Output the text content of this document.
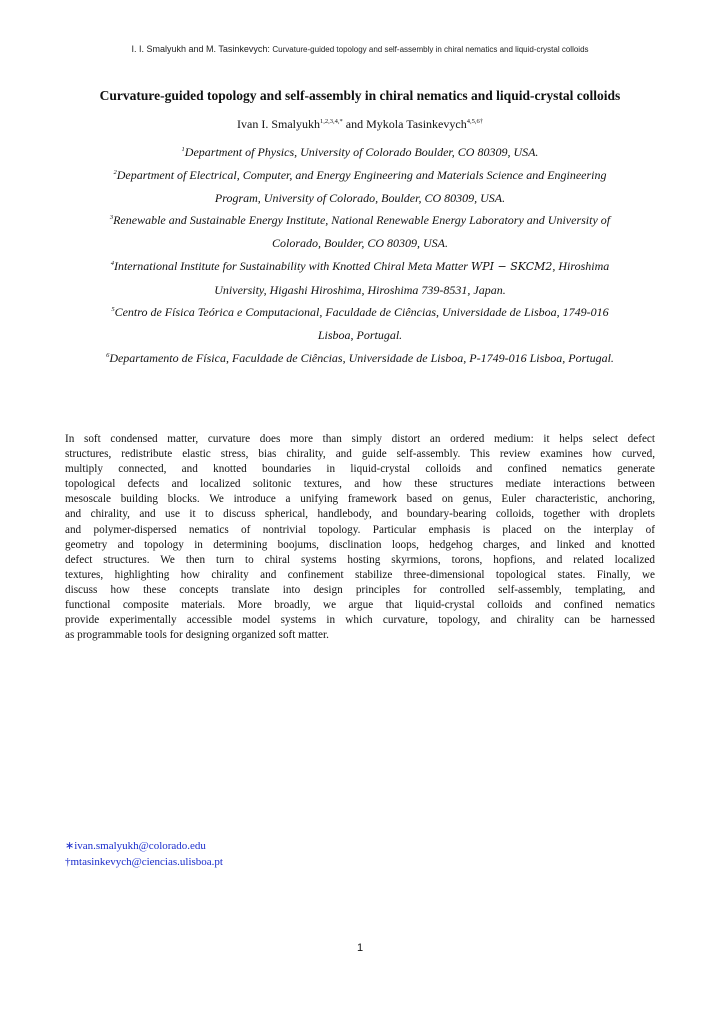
I. I. Smalyukh and M. Tasinkevych: Curvature-guided topology and self-assembly in chiral nematics and liquid-crystal colloids
Curvature-guided topology and self-assembly in chiral nematics and liquid-crystal colloids
Ivan I. Smalyukh$^{1,2,3,4,*}$ and Mykola Tasinkevych$^{4,5,6\dagger}$
$^1$Department of Physics, University of Colorado Boulder, CO 80309, USA.
$^2$Department of Electrical, Computer, and Energy Engineering and Materials Science and Engineering
Program, University of Colorado, Boulder, CO 80309, USA.
$^3$Renewable and Sustainable Energy Institute, National Renewable Energy Laboratory and University of
Colorado, Boulder, CO 80309, USA.
$^4$International Institute for Sustainability with Knotted Chiral Meta Matter WPI − SKCM2, Hiroshima
University, Higashi Hiroshima, Hiroshima 739-8531, Japan.
$^5$Centro de Física Teórica e Computacional, Faculdade de Ciências, Universidade de Lisboa, 1749-016
Lisboa, Portugal.
$^6$Departamento de Física, Faculdade de Ciências, Universidade de Lisboa, P-1749-016 Lisboa, Portugal.
In soft condensed matter, curvature does more than simply distort an ordered medium: it helps select defect
structures, redistribute elastic stress, bias chirality, and guide self-assembly. This review examines how curved,
multiply connected, and knotted boundaries in liquid-crystal colloids and confined nematics generate
topological defects and localized solitonic textures, and how these structures mediate interactions between
mesoscale building blocks. We introduce a unifying framework based on genus, Euler characteristic, anchoring,
and chirality, and use it to discuss spherical, handlebody, and boundary-bearing colloids, together with droplets
and polymer-dispersed nematics of nontrivial topology. Particular emphasis is placed on the interplay of
geometry and topology in determining boojums, disclination loops, hedgehog charges, and linked and knotted
defect structures. We then turn to chiral systems hosting skyrmions, torons, hopfions, and related localized
textures, highlighting how chirality and confinement stabilize three-dimensional topological states. Finally, we
discuss how these concepts translate into design principles for controlled self-assembly, templating, and
functional composite materials. More broadly, we argue that liquid-crystal colloids and confined nematics
provide experimentally accessible model systems in which curvature, topology, and chirality can be harnessed
as programmable tools for designing organized soft matter.
∗ivan.smalyukh@colorado.edu
†mtasinkevych@ciencias.ulisboa.pt
1
